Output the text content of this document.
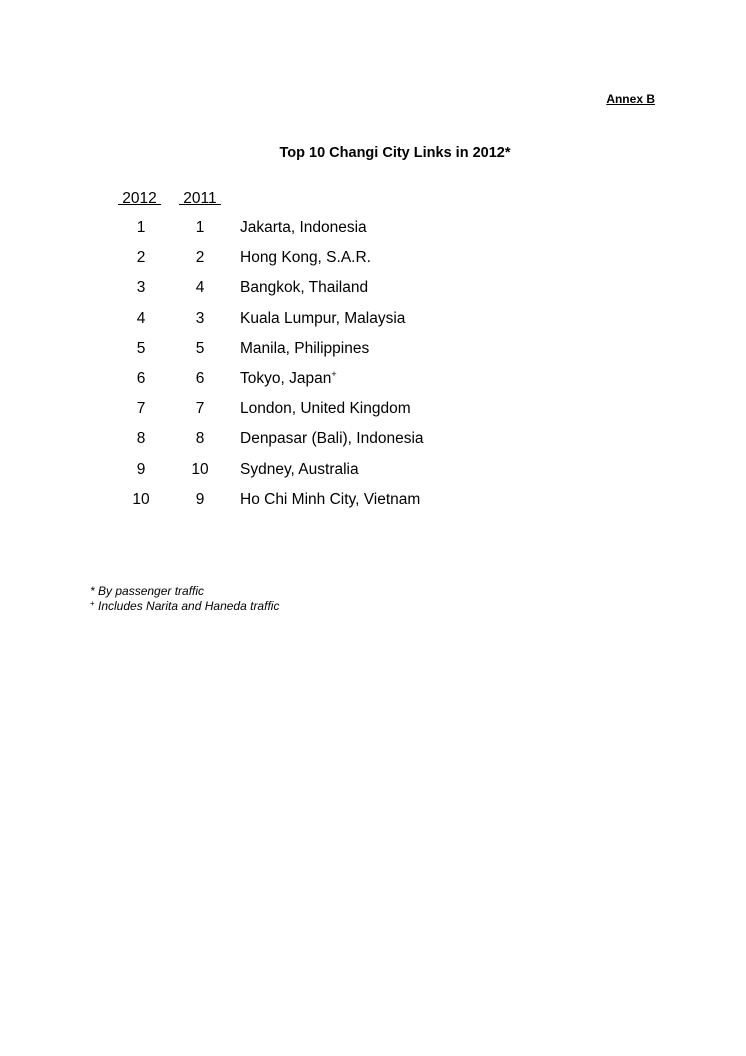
Annex B
Top 10 Changi City Links in 2012*
2012 2011
1	1	Jakarta, Indonesia
2	2	Hong Kong, S.A.R.
3	4	Bangkok, Thailand
4	3	Kuala Lumpur, Malaysia
5	5	Manila, Philippines
6	6	Tokyo, Japan+
7	7	London, United Kingdom
8	8	Denpasar (Bali), Indonesia
9	10	Sydney, Australia
10	9	Ho Chi Minh City, Vietnam
* By passenger traffic
+ Includes Narita and Haneda traffic
